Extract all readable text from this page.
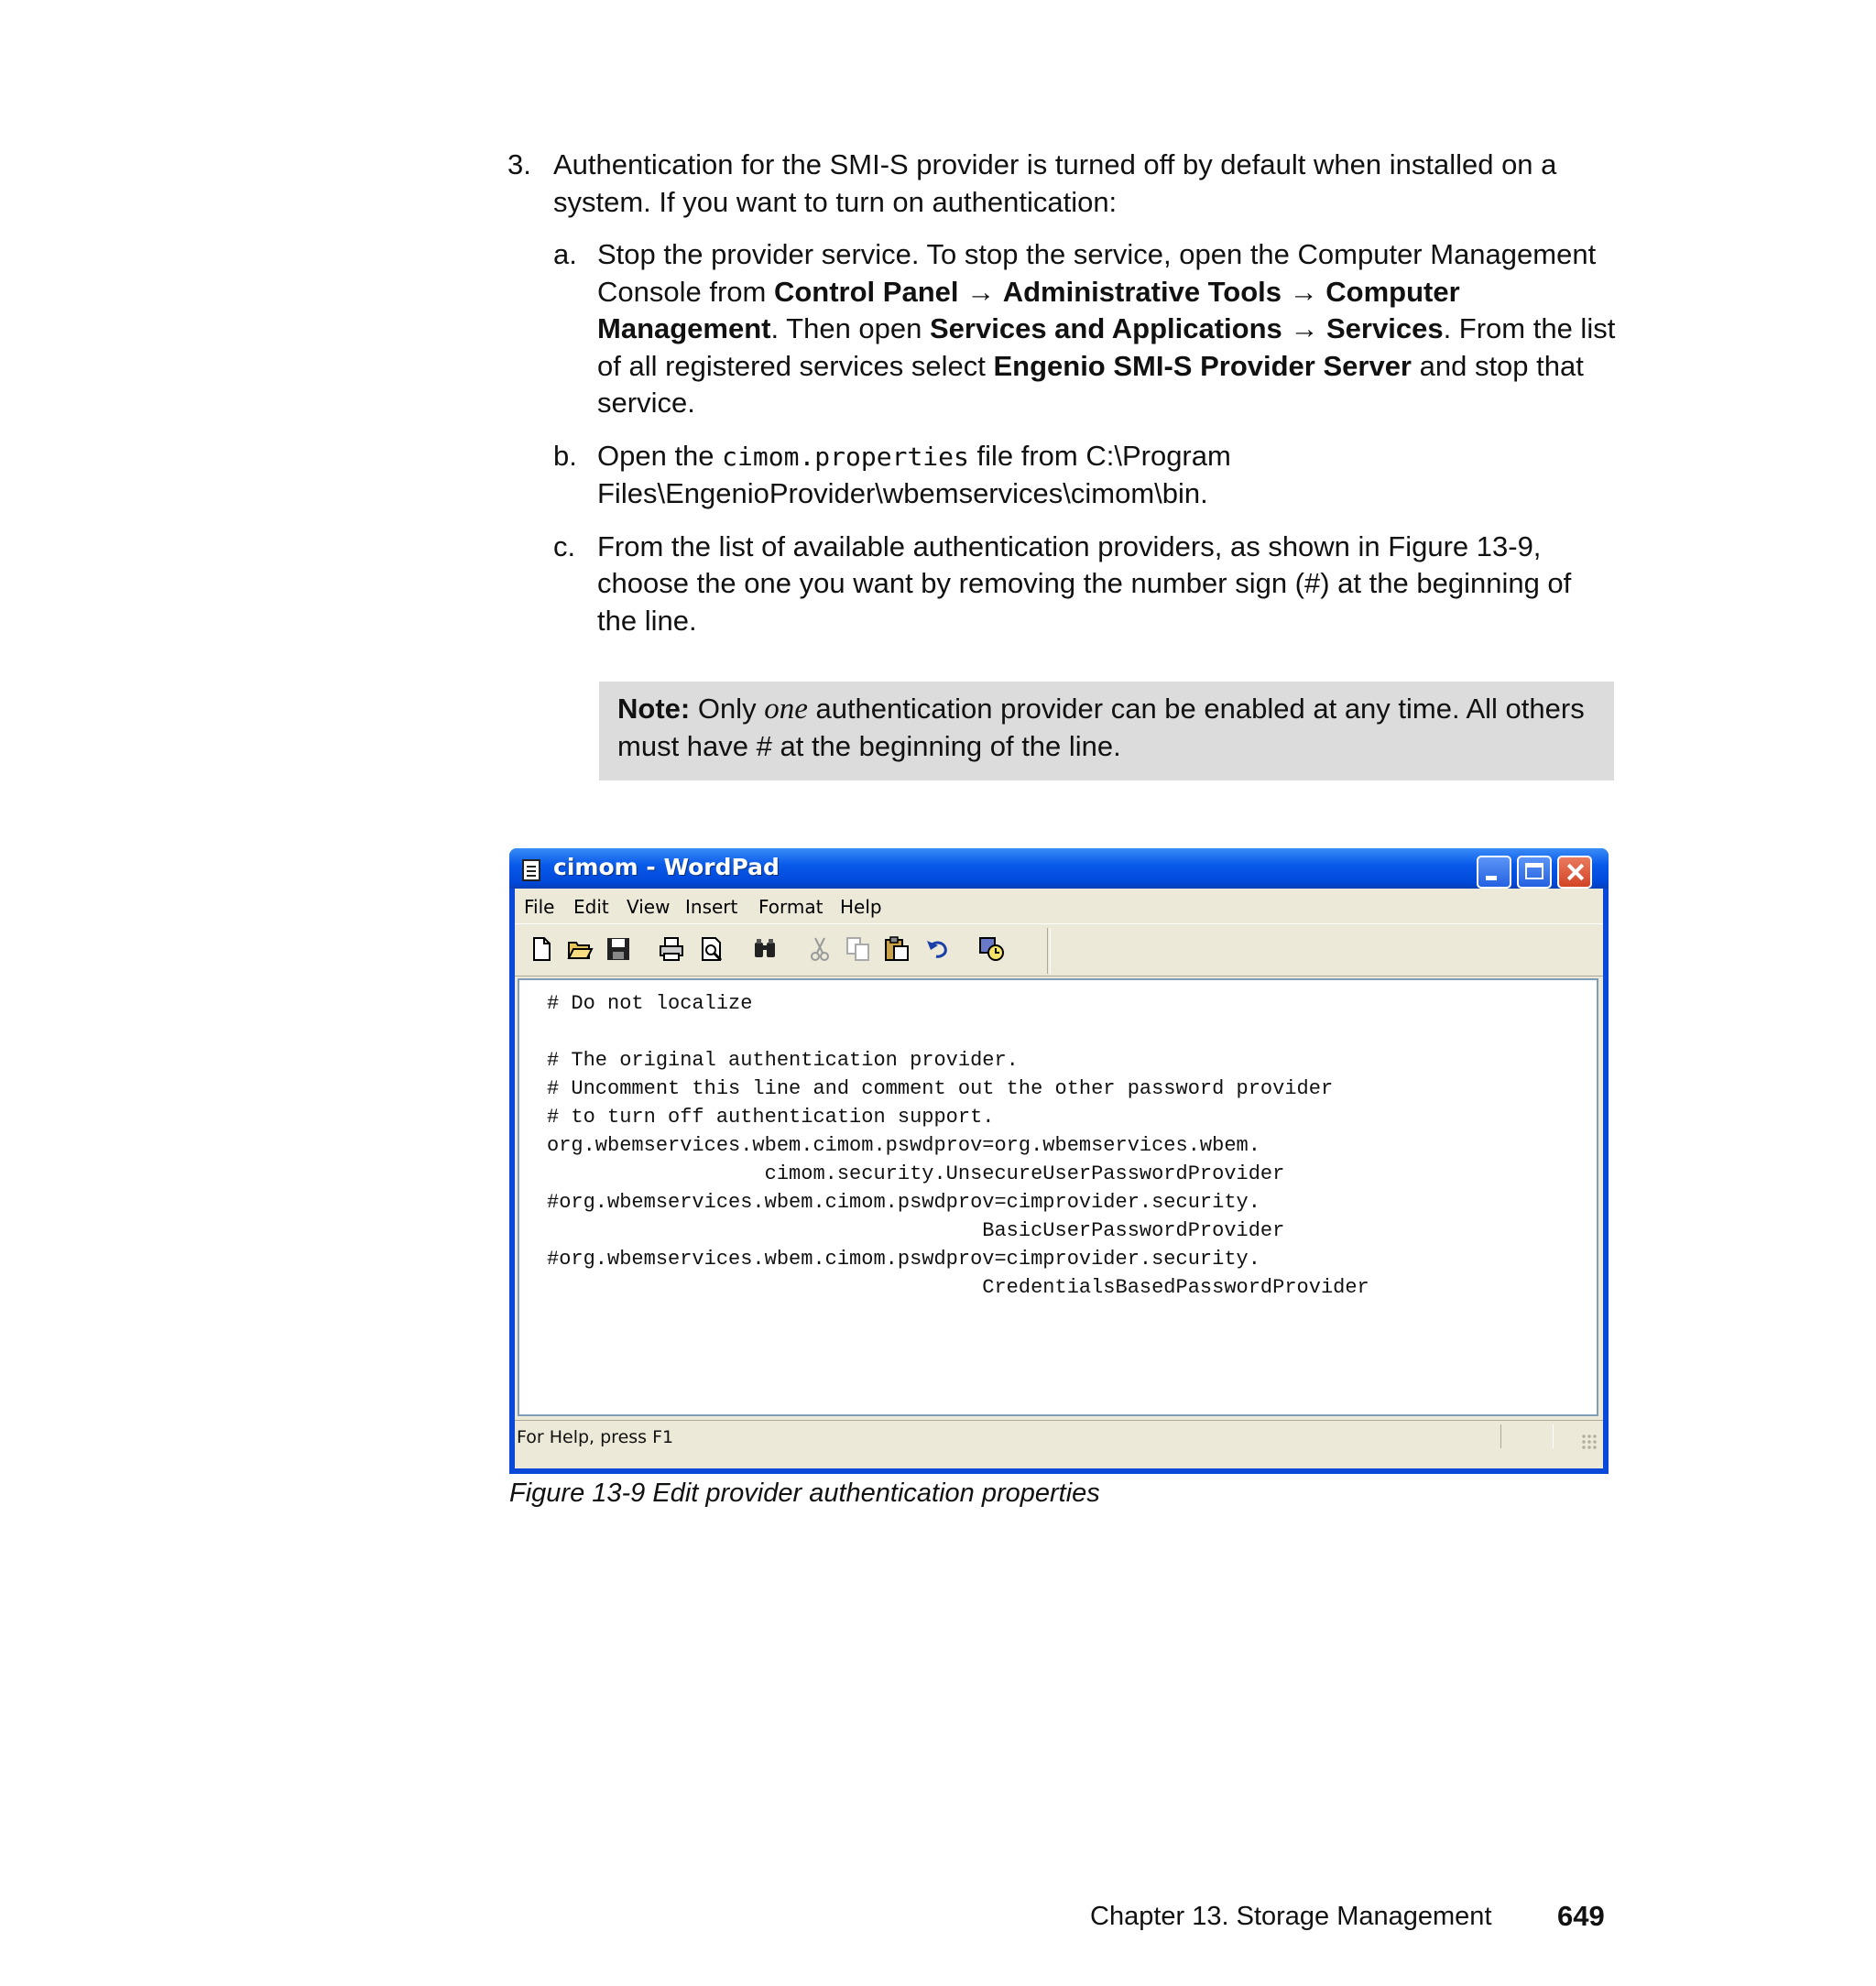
3. Authentication for the SMI-S provider is turned off by default when installed on a system. If you want to turn on authentication:
a. Stop the provider service. To stop the service, open the Computer Management Console from Control Panel → Administrative Tools → Computer Management. Then open Services and Applications → Services. From the list of all registered services select Engenio SMI-S Provider Server and stop that service.
b. Open the cimom.properties file from C:\Program Files\EngenioProvider\wbemservices\cimom\bin.
c. From the list of available authentication providers, as shown in Figure 13-9, choose the one you want by removing the number sign (#) at the beginning of the line.
Note: Only one authentication provider can be enabled at any time. All others must have # at the beginning of the line.
cimom - WordPad
File Edit View Insert Format Help
# Do not localize

# The original authentication provider.
# Uncomment this line and comment out the other password provider
# to turn off authentication support.
org.wbemservices.wbem.cimom.pswdprov=org.wbemservices.wbem.
cimom.security.UnsecureUserPasswordProvider
#org.wbemservices.wbem.cimom.pswdprov=cimprovider.security.
BasicUserPasswordProvider
#org.wbemservices.wbem.cimom.pswdprov=cimprovider.security.
CredentialsBasedPasswordProvider
For Help, press F1
Figure 13-9 Edit provider authentication properties
Chapter 13. Storage Management 649
